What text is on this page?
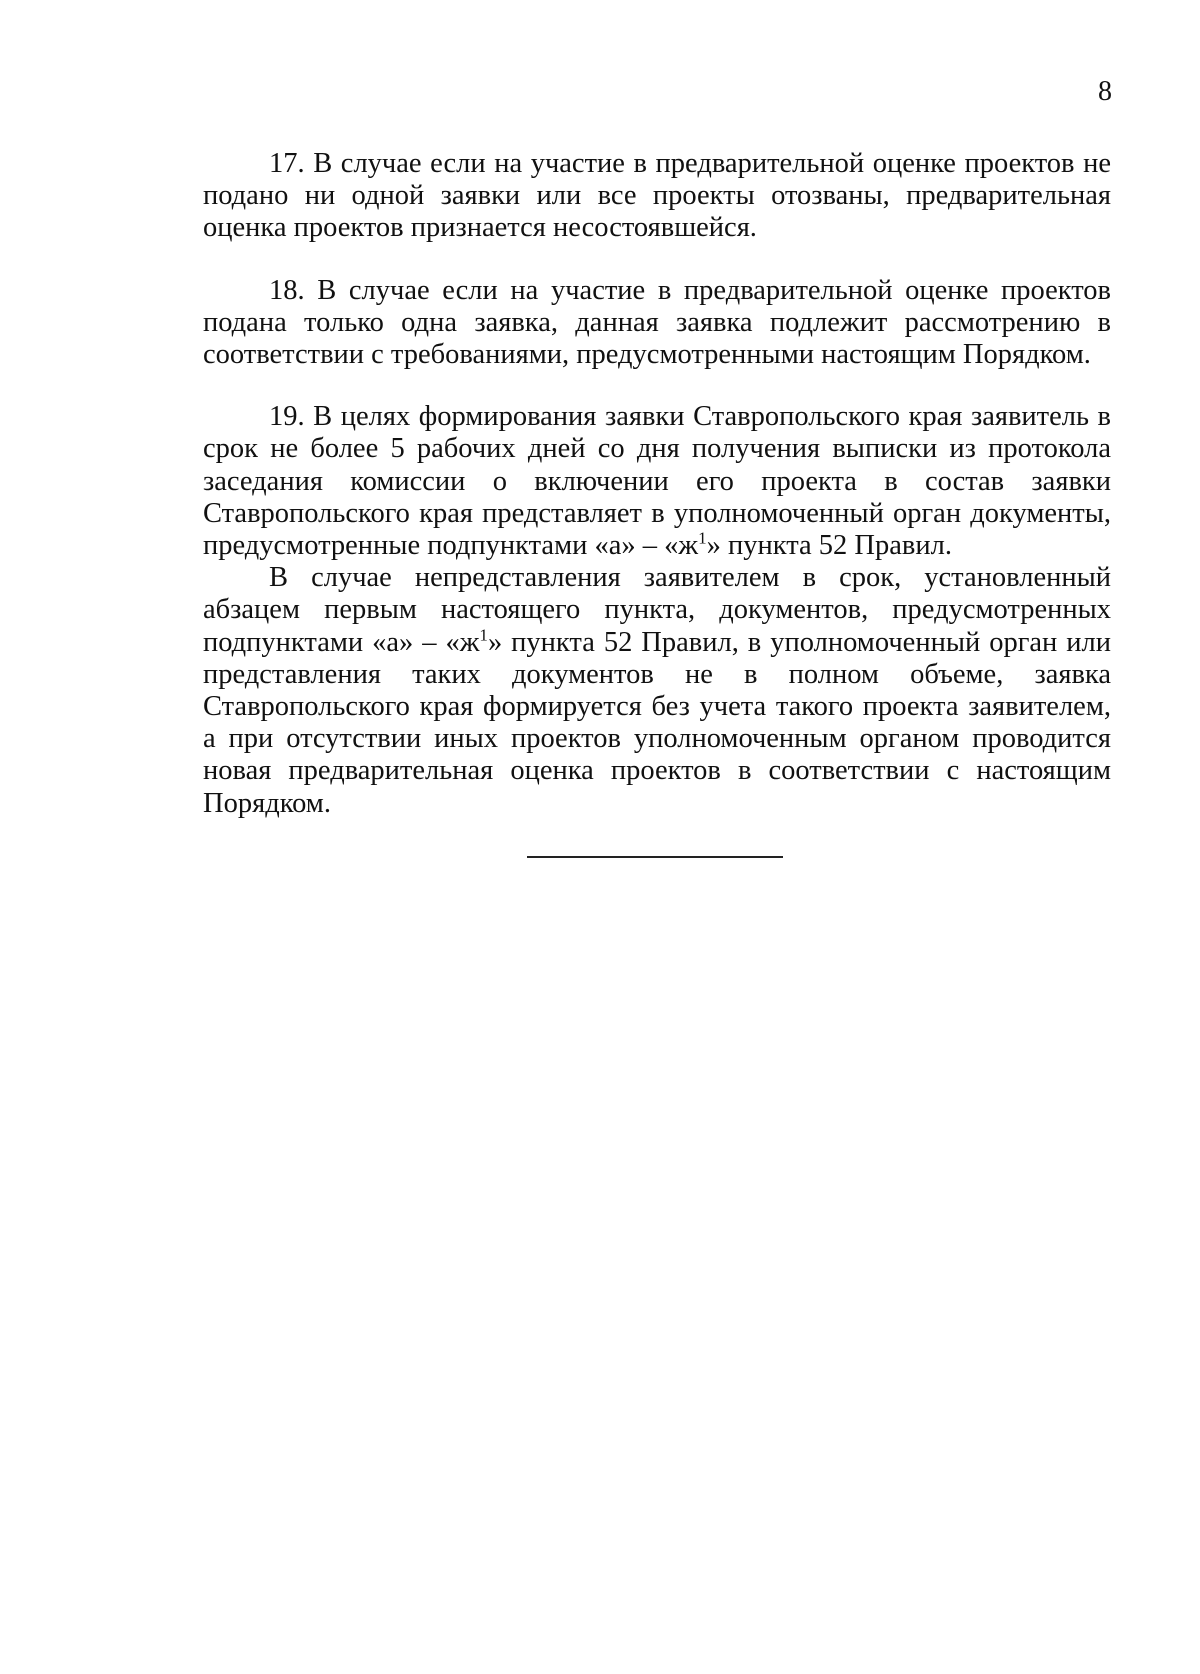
8

17. В случае если на участие в предварительной оценке проектов не подано ни одной заявки или все проекты отозваны, предварительная оценка проектов признается несостоявшейся.

18. В случае если на участие в предварительной оценке проектов подана только одна заявка, данная заявка подлежит рассмотрению в соответствии с требованиями, предусмотренными настоящим Порядком.

19. В целях формирования заявки Ставропольского края заявитель в срок не более 5 рабочих дней со дня получения выписки из протокола заседания комиссии о включении его проекта в состав заявки Ставропольского края представляет в уполномоченный орган документы, предусмотренные подпунктами «а» – «$ж^1$» пункта 52 Правил.

В случае непредставления заявителем в срок, установленный абзацем первым настоящего пункта, документов, предусмотренных подпунктами «а» – «$ж^1$» пункта 52 Правил, в уполномоченный орган или представления таких документов не в полном объеме, заявка Ставропольского края формируется без учета такого проекта заявителем, а при отсутствии иных проектов уполномоченным органом проводится новая предварительная оценка проектов в соответствии с настоящим Порядком.
